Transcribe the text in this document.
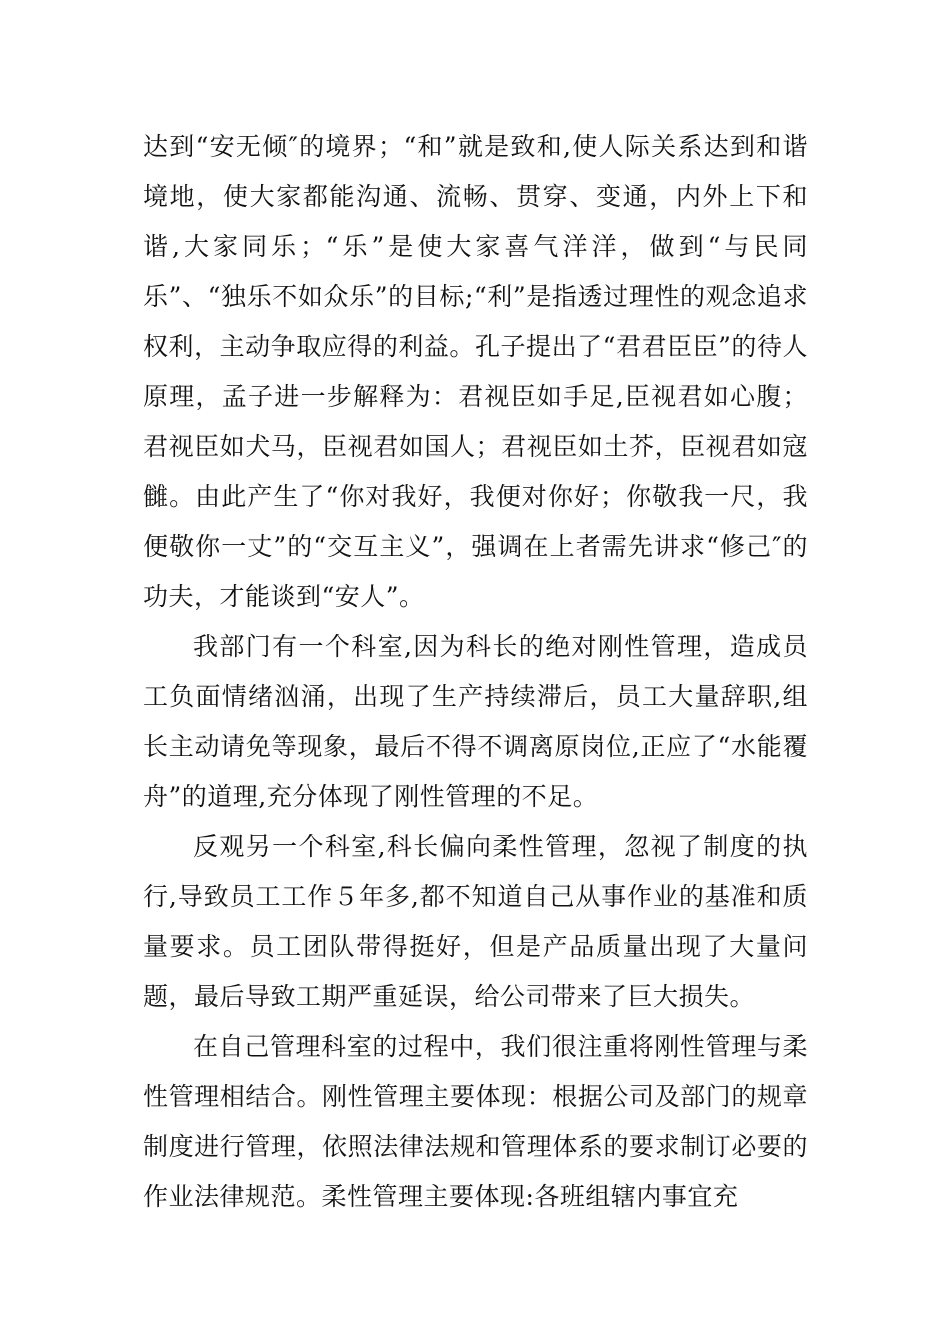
达到“安无倾″的境界；“和”就是致和,使人际关系达到和谐境地，使大家都能沟通、流畅、贯穿、变通，内外上下和谐,大家同乐；“乐”是使大家喜气洋洋，做到“与民同乐”、“独乐不如众乐”的目标;“利”是指透过理性的观念追求权利，主动争取应得的利益。孔子提出了“君君臣臣”的待人原理，孟子进一步解释为：君视臣如手足,臣视君如心腹；君视臣如犬马，臣视君如国人；君视臣如土芥，臣视君如寇雠。由此产生了“你对我好，我便对你好；你敬我一尺，我便敬你一丈”的“交互主义”，强调在上者需先讲求“修己″的功夫，才能谈到“安人”。

我部门有一个科室,因为科长的绝对刚性管理，造成员工负面情绪汹涌，出现了生产持续滞后，员工大量辞职,组长主动请免等现象，最后不得不调离原岗位,正应了“水能覆舟”的道理,充分体现了刚性管理的不足。

反观另一个科室,科长偏向柔性管理，忽视了制度的执行,导致员工工作５年多,都不知道自己从事作业的基准和质量要求。员工团队带得挺好，但是产品质量出现了大量问题，最后导致工期严重延误，给公司带来了巨大损失。

在自己管理科室的过程中，我们很注重将刚性管理与柔性管理相结合。刚性管理主要体现：根据公司及部门的规章制度进行管理，依照法律法规和管理体系的要求制订必要的作业法律规范。柔性管理主要体现:各班组辖内事宜充
